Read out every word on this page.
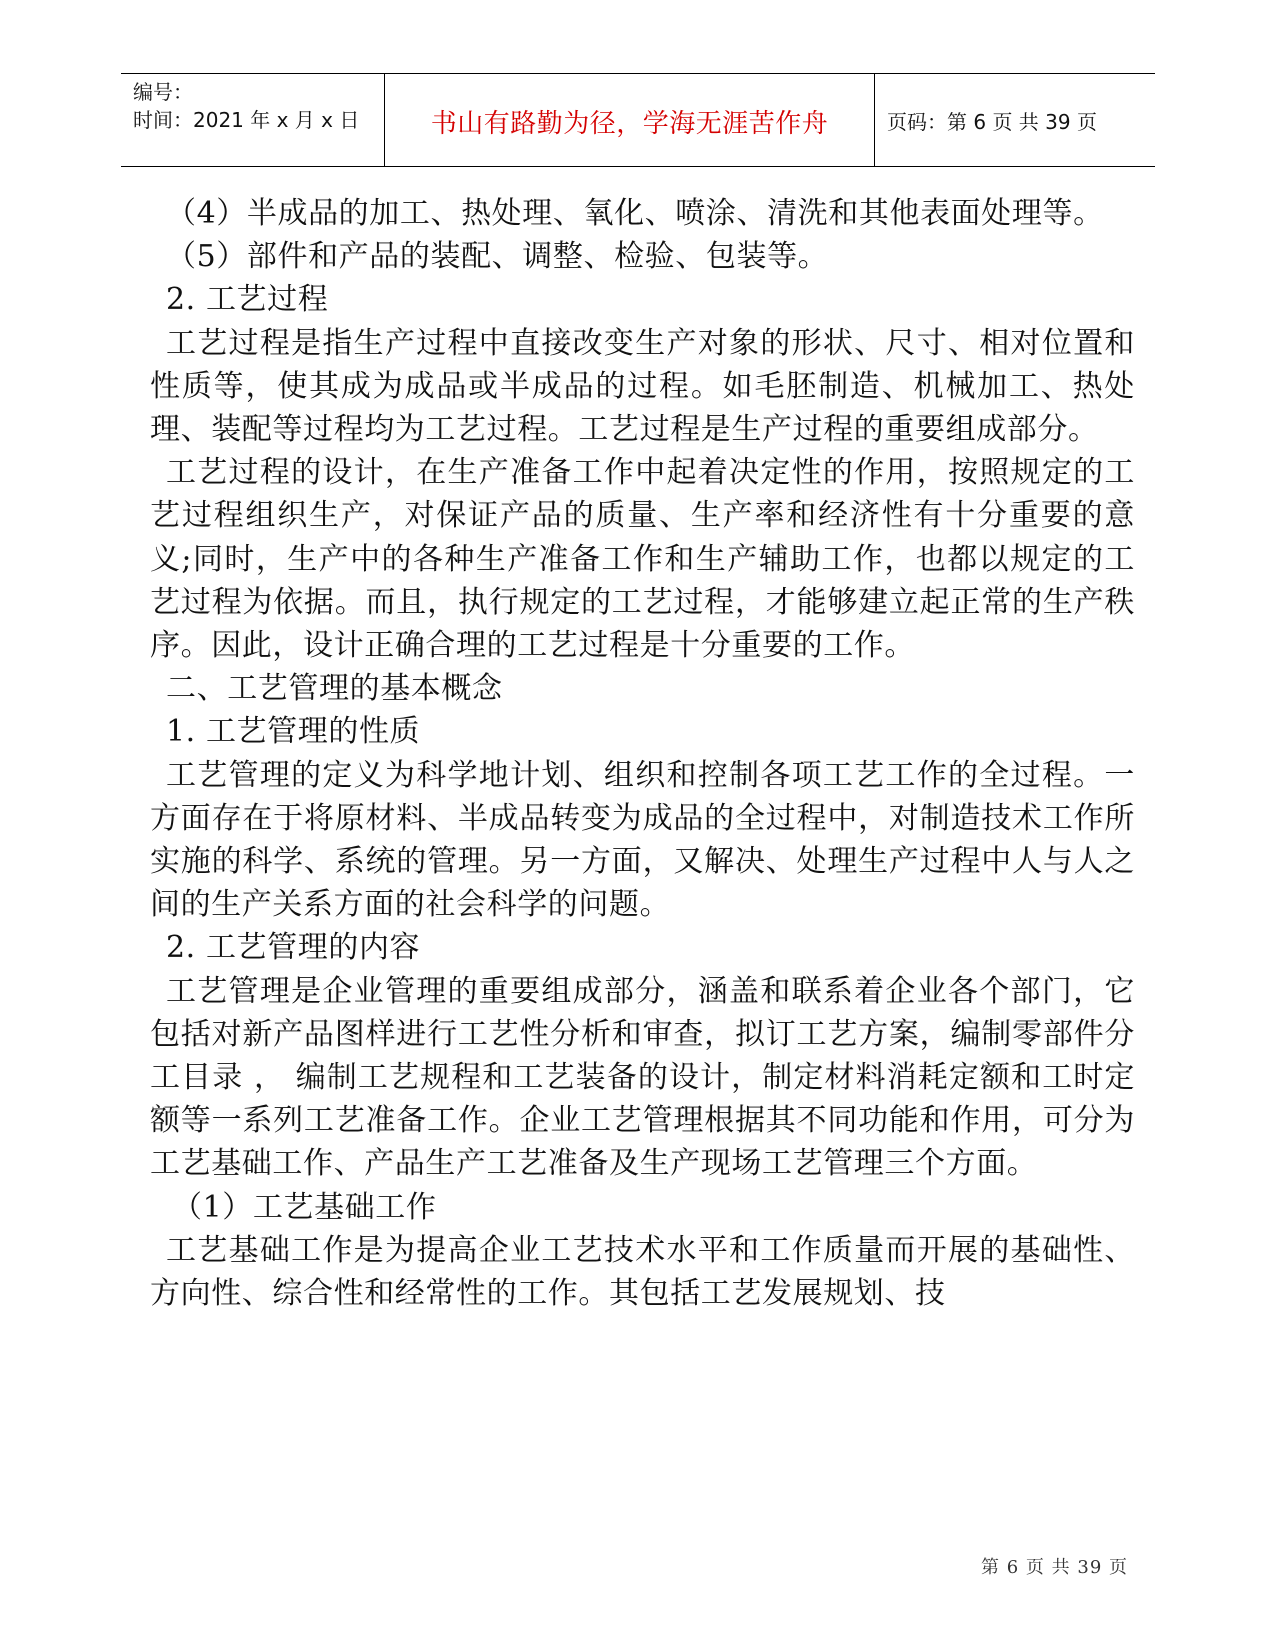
编号：
时间：2021 年 x 月 x 日	书山有路勤为径，学海无涯苦作舟	页码：第 6 页 共 39 页

（4）半成品的加工、热处理、氧化、喷涂、清洗和其他表面处理等。

（5）部件和产品的装配、调整、检验、包装等。

2. 工艺过程

工艺过程是指生产过程中直接改变生产对象的形状、尺寸、相对位置和性质等，使其成为成品或半成品的过程。如毛胚制造、机械加工、热处理、装配等过程均为工艺过程。工艺过程是生产过程的重要组成部分。

工艺过程的设计，在生产准备工作中起着决定性的作用，按照规定的工艺过程组织生产，对保证产品的质量、生产率和经济性有十分重要的意义;同时，生产中的各种生产准备工作和生产辅助工作，也都以规定的工艺过程为依据。而且，执行规定的工艺过程，才能够建立起正常的生产秩序。因此，设计正确合理的工艺过程是十分重要的工作。

二、工艺管理的基本概念

1. 工艺管理的性质

工艺管理的定义为科学地计划、组织和控制各项工艺工作的全过程。一方面存在于将原材料、半成品转变为成品的全过程中，对制造技术工作所实施的科学、系统的管理。另一方面，又解决、处理生产过程中人与人之间的生产关系方面的社会科学的问题。

2. 工艺管理的内容

工艺管理是企业管理的重要组成部分，涵盖和联系着企业各个部门，它包括对新产品图样进行工艺性分析和审查，拟订工艺方案，编制零部件分工目录 ， 编制工艺规程和工艺装备的设计，制定材料消耗定额和工时定额等一系列工艺准备工作。企业工艺管理根据其不同功能和作用，可分为工艺基础工作、产品生产工艺准备及生产现场工艺管理三个方面。

（1）工艺基础工作

工艺基础工作是为提高企业工艺技术水平和工作质量而开展的基础性、方向性、综合性和经常性的工作。其包括工艺发展规划、技

第 6 页 共 39 页
